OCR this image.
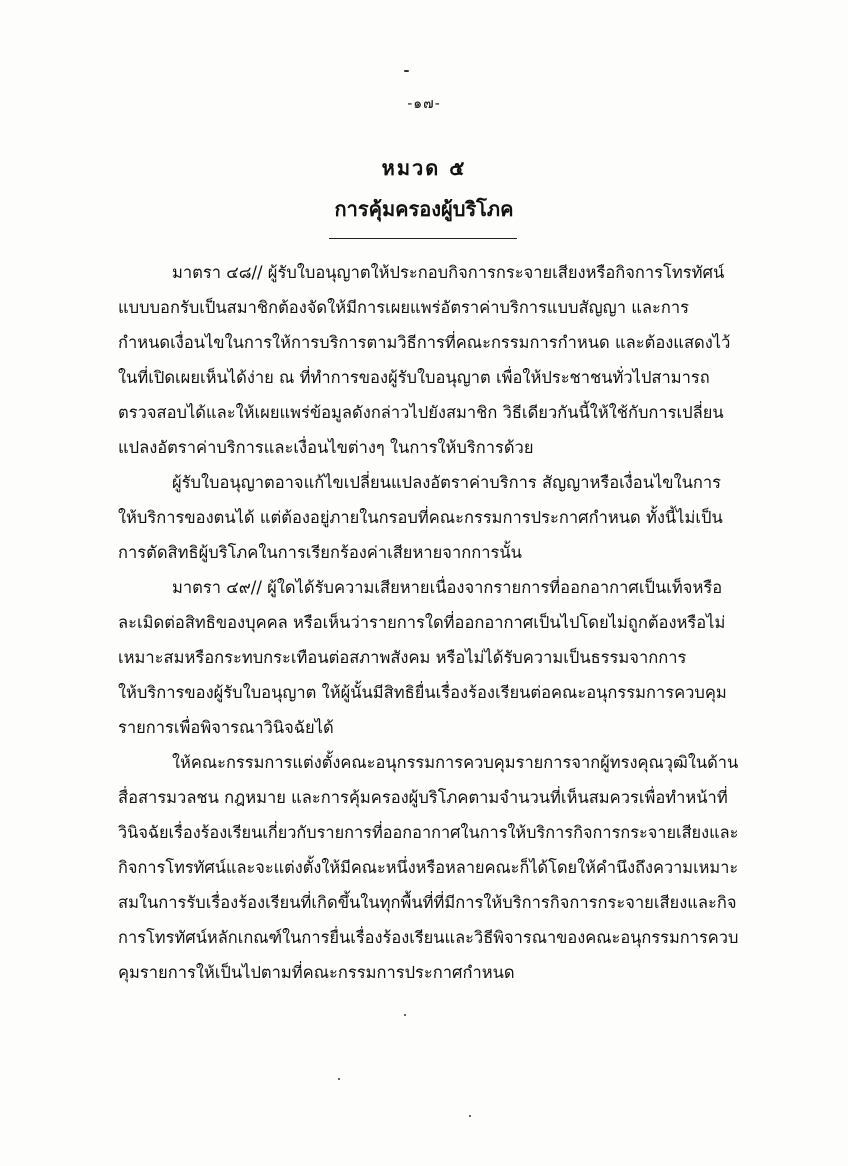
-๑๗-
หมวด ๕
การคุ้มครองผู้บริโภค
มาตรา ๔๘// ผู้รับใบอนุญาตให้ประกอบกิจการกระจายเสียงหรือกิจการโทรทัศน์
แบบบอกรับเป็นสมาชิกต้องจัดให้มีการเผยแพร่อัตราค่าบริการแบบสัญญา และการ
กำหนดเงื่อนไขในการให้การบริการตามวิธีการที่คณะกรรมการกำหนด และต้องแสดงไว้
ในที่เปิดเผยเห็นได้ง่าย ณ ที่ทำการของผู้รับใบอนุญาต เพื่อให้ประชาชนทั่วไปสามารถ
ตรวจสอบได้และให้เผยแพร่ข้อมูลดังกล่าวไปยังสมาชิก วิธีเดียวกันนี้ให้ใช้กับการเปลี่ยน
แปลงอัตราค่าบริการและเงื่อนไขต่างๆ ในการให้บริการด้วย
ผู้รับใบอนุญาตอาจแก้ไขเปลี่ยนแปลงอัตราค่าบริการ สัญญาหรือเงื่อนไขในการ
ให้บริการของตนได้ แต่ต้องอยู่ภายในกรอบที่คณะกรรมการประกาศกำหนด ทั้งนี้ไม่เป็น
การตัดสิทธิผู้บริโภคในการเรียกร้องค่าเสียหายจากการนั้น
มาตรา ๔๙// ผู้ใดได้รับความเสียหายเนื่องจากรายการที่ออกอากาศเป็นเท็จหรือ
ละเมิดต่อสิทธิของบุคคล หรือเห็นว่ารายการใดที่ออกอากาศเป็นไปโดยไม่ถูกต้องหรือไม่
เหมาะสมหรือกระทบกระเทือนต่อสภาพสังคม หรือไม่ได้รับความเป็นธรรมจากการ
ให้บริการของผู้รับใบอนุญาต ให้ผู้นั้นมีสิทธิยื่นเรื่องร้องเรียนต่อคณะอนุกรรมการควบคุม
รายการเพื่อพิจารณาวินิจฉัยได้
ให้คณะกรรมการแต่งตั้งคณะอนุกรรมการควบคุมรายการจากผู้ทรงคุณวุฒิในด้าน
สื่อสารมวลชน กฎหมาย และการคุ้มครองผู้บริโภคตามจำนวนที่เห็นสมควรเพื่อทำหน้าที่
วินิจฉัยเรื่องร้องเรียนเกี่ยวกับรายการที่ออกอากาศในการให้บริการกิจการกระจายเสียงและ
กิจการโทรทัศน์และจะแต่งตั้งให้มีคณะหนึ่งหรือหลายคณะก็ได้โดยให้คำนึงถึงความเหมาะ
สมในการรับเรื่องร้องเรียนที่เกิดขึ้นในทุกพื้นที่ที่มีการให้บริการกิจการกระจายเสียงและกิจ
การโทรทัศน์หลักเกณฑ์ในการยื่นเรื่องร้องเรียนและวิธีพิจารณาของคณะอนุกรรมการควบ
คุมรายการให้เป็นไปตามที่คณะกรรมการประกาศกำหนด
